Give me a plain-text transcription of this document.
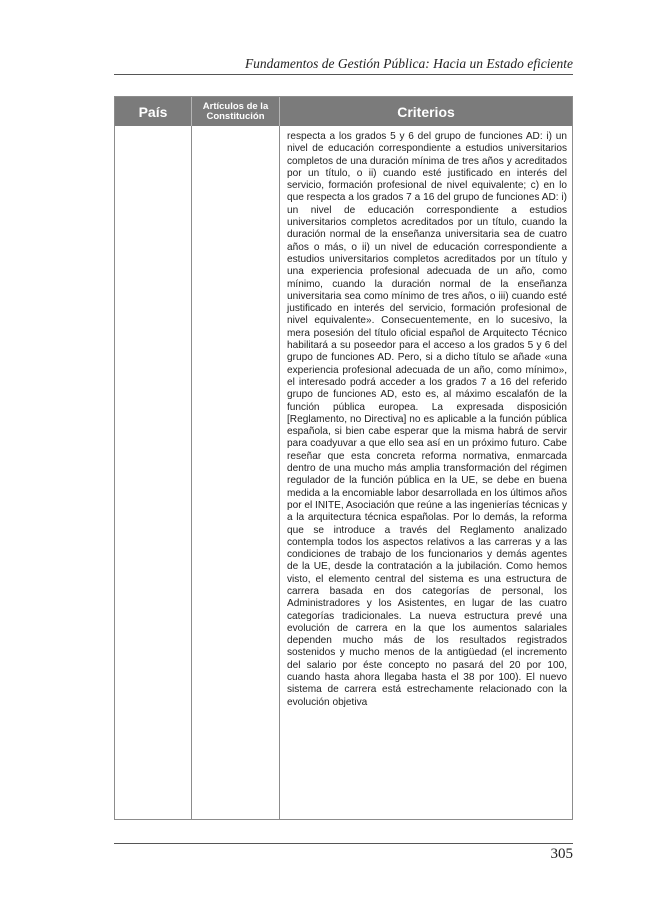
Fundamentos de Gestión Pública: Hacia un Estado eficiente
País	Artículos de la Constitución	Criterios

respecta a los grados 5 y 6 del grupo de funciones AD: i) un nivel de educación correspondiente a estudios universitarios completos de una duración mínima de tres años y acreditados por un título, o ii) cuando esté justificado en interés del servicio, formación profesional de nivel equivalente; c) en lo que respecta a los grados 7 a 16 del grupo de funciones AD: i) un nivel de educación correspondiente a estudios universitarios completos acreditados por un título, cuando la duración normal de la enseñanza universitaria sea de cuatro años o más, o ii) un nivel de educación correspondiente a estudios universitarios completos acreditados por un título y una experiencia profesional adecuada de un año, como mínimo, cuando la duración normal de la enseñanza universitaria sea como mínimo de tres años, o iii) cuando esté justificado en interés del servicio, formación profesional de nivel equivalente». Consecuentemente, en lo sucesivo, la mera posesión del título oficial español de Arquitecto Técnico habilitará a su poseedor para el acceso a los grados 5 y 6 del grupo de funciones AD. Pero, si a dicho título se añade «una experiencia profesional adecuada de un año, como mínimo», el interesado podrá acceder a los grados 7 a 16 del referido grupo de funciones AD, esto es, al máximo escalafón de la función pública europea. La expresada disposición [Reglamento, no Directiva] no es aplicable a la función pública española, si bien cabe esperar que la misma habrá de servir para coadyuvar a que ello sea así en un próximo futuro. Cabe reseñar que esta concreta reforma normativa, enmarcada dentro de una mucho más amplia transformación del régimen regulador de la función pública en la UE, se debe en buena medida a la encomiable labor desarrollada en los últimos años por el INITE, Asociación que reúne a las ingenierías técnicas y a la arquitectura técnica españolas. Por lo demás, la reforma que se introduce a través del Reglamento analizado contempla todos los aspectos relativos a las carreras y a las condiciones de trabajo de los funcionarios y demás agentes de la UE, desde la contratación a la jubilación. Como hemos visto, el elemento central del sistema es una estructura de carrera basada en dos categorías de personal, los Administradores y los Asistentes, en lugar de las cuatro categorías tradicionales. La nueva estructura prevé una evolución de carrera en la que los aumentos salariales dependen mucho más de los resultados registrados sostenidos y mucho menos de la antigüedad (el incremento del salario por éste concepto no pasará del 20 por 100, cuando hasta ahora llegaba hasta el 38 por 100). El nuevo sistema de carrera está estrechamente relacionado con la evolución objetiva

305
